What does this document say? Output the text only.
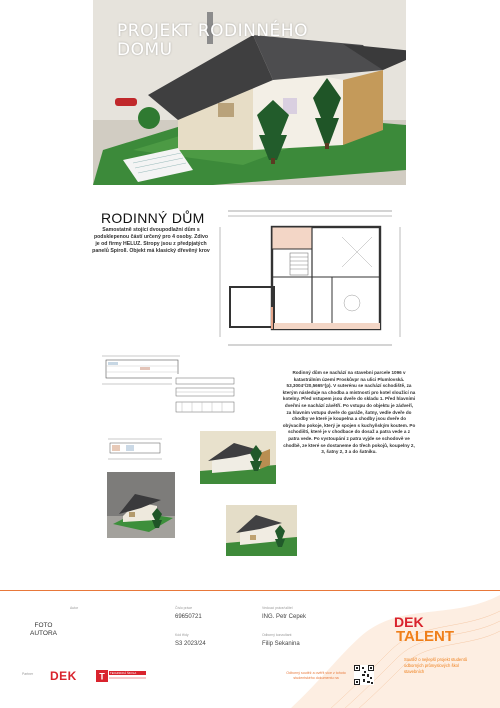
PROJEKT RODINNÉHO
DOMU
RODINNÝ DŮM
Samostatně stojící dvoupodlažní dům s podsklepenou částí určený pro 4 osoby. Zdivo je od firmy HELUZ. Stropy jsou z předpjatých panelů Spiroll. Objekt má klasický dřevěný krov
Rodinný dům se nachází na stavební parcele 1096 v katastrálním území Proskůvpr na ulici Plumlovská. 53,3004°/20,5665°(p). V suterénu se nachází schodiště, za kterým následuje na chodba a místnosti pro kotel sloužící na kotelny. Před vstupem jsou dveře do skladu 1. Před hlavními dveřmi se nachází závětří. Po vstupu do objektu je zádveří, za hlavním vstupu dveře do garáže, šatny, vedle dveře do chodby ve které je koupelna a chodby jsou dveře do obývacího pokoje, který je spojen s kuchyňským koutem. Po schodišti, které je v chodbace do dosaž a patra vede a z patra vede. Po vystoupání z patra vyjde se schodově ve chodbě, ze které se dostaneme do třech pokojů, koupelny 2, 3, šatny 2, 3 a do šatníku.
Autor
FOTO
AUTORA
Číslo práce
69650721
Kód třídy
S3 2023/24
Vedoucí práce/učitel
ING. Petr Cepek
Odborný konzultant
Filip Sekanina
Partner DEK T TECHNICKÁ ŠKOLA	Odborný soutěž a ověřit více z tohoto studentského dokumentu na
DEK
TALENT
Soutěž o nejlepší projekt studentů odborných průmyslových škol stavebních
